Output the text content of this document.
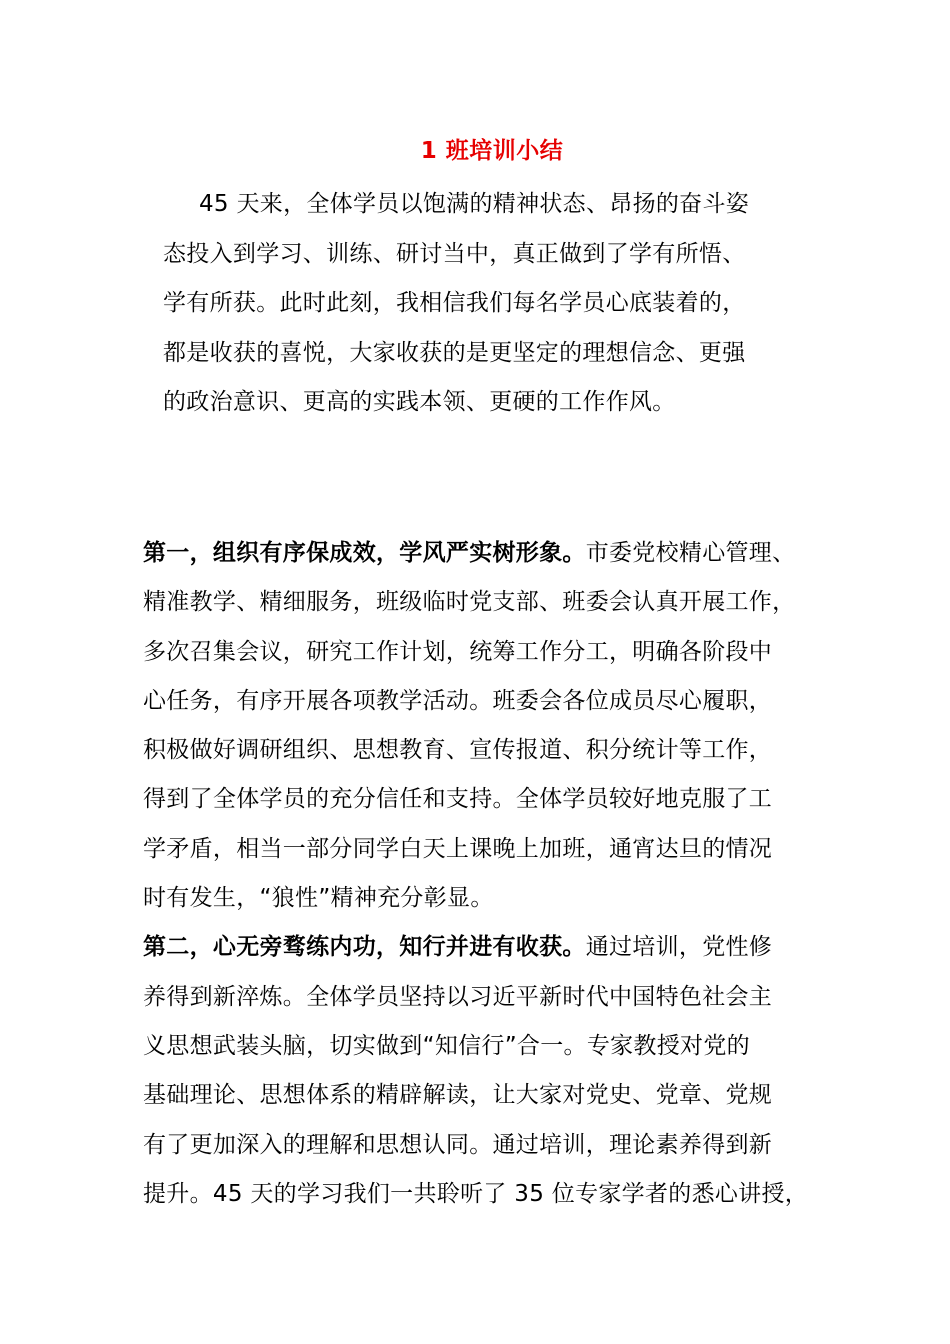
1 班培训小结
45 天来，全体学员以饱满的精神状态、昂扬的奋斗姿
态投入到学习、训练、研讨当中，真正做到了学有所悟、
学有所获。此时此刻，我相信我们每名学员心底装着的，
都是收获的喜悦，大家收获的是更坚定的理想信念、更强
的政治意识、更高的实践本领、更硬的工作作风。
第一，组织有序保成效，学风严实树形象。市委党校精心管理、
精准教学、精细服务，班级临时党支部、班委会认真开展工作，
多次召集会议，研究工作计划，统筹工作分工，明确各阶段中
心任务，有序开展各项教学活动。班委会各位成员尽心履职，
积极做好调研组织、思想教育、宣传报道、积分统计等工作，
得到了全体学员的充分信任和支持。全体学员较好地克服了工
学矛盾，相当一部分同学白天上课晚上加班，通宵达旦的情况
时有发生，“狼性”精神充分彰显。
第二，心无旁骛练内功，知行并进有收获。通过培训，党性修
养得到新淬炼。全体学员坚持以习近平新时代中国特色社会主
义思想武装头脑，切实做到“知信行”合一。专家教授对党的
基础理论、思想体系的精辟解读，让大家对党史、党章、党规
有了更加深入的理解和思想认同。通过培训，理论素养得到新
提升。45 天的学习我们一共聆听了 35 位专家学者的悉心讲授，
